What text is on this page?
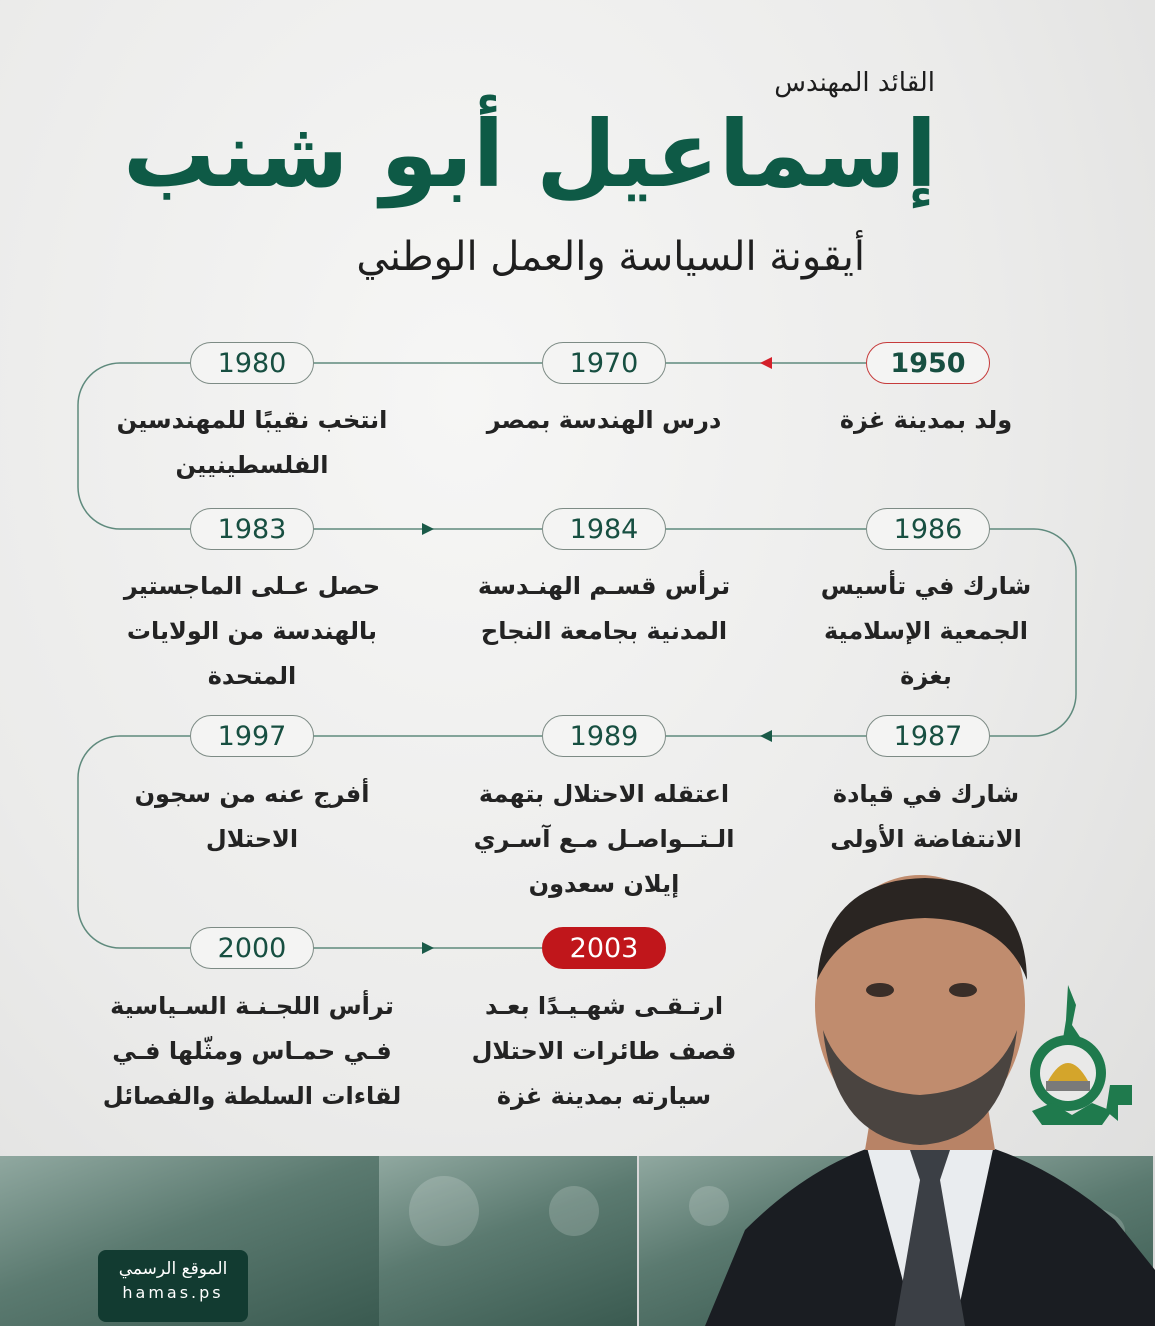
القائد المهندس
إسماعيل أبو شنب
أيقونة السياسة والعمل الوطني
1950
1970
1980
1983	1984	1986
1987
1989
1997
2000	2003
ولد بمدينة غزة
درس الهندسة بمصر
انتخب نقيبًا للمهندسين الفلسطينيين
حصل عـلى الماجستير بالهندسة من الولايات المتحدة
ترأس قسـم الهنـدسة المدنية بجامعة النجاح
شارك في تأسيس الجمعية الإسلامية بغزة
شارك في قيادة الانتفاضة الأولى
اعتقله الاحتلال بتهمة الـتــواصـل مـع آسـري إيلان سعدون
أفرج عنه من سجون الاحتلال
ترأس اللجـنـة السـياسية فـي حمـاس ومثّلها فـي لقاءات السلطة والفصائل
ارتـقـى شهـيـدًا بعـد قصف طائرات الاحتلال سيارته بمدينة غزة
الموقع الرسمي
hamas.ps
